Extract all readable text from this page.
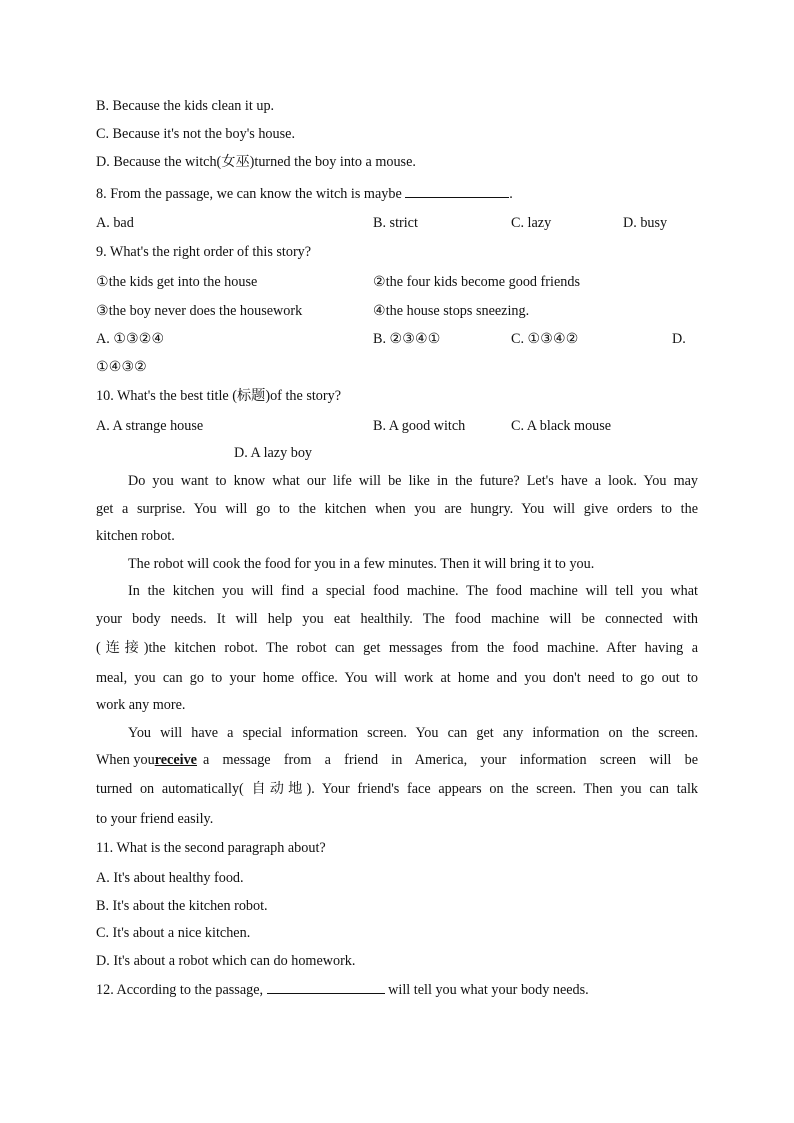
B. Because the kids clean it up.
C. Because it's not the boy's house.
D. Because the witch(女巫)turned the boy into a mouse.
8. From the passage, we can know the witch is maybe	.
A. bad	B. strict	C. lazy	D. busy
9. What's the right order of this story?
①the kids get into the house	②the four kids become good friends
③the boy never does the housework	④the house stops sneezing.
A. ①③②④	B. ②③④①	C. ①③④②	D.
①④③②
10. What's the best title (标题)of the story?
A. A strange house	B. A good witch	C. A black mouse
D. A lazy boy
Do you want to know what our life will be like in the future? Let's have a look. You may
get a surprise. You will go to the kitchen when you are hungry. You will give orders to the
kitchen robot.
The robot will cook the food for you in a few minutes. Then it will bring it to you.
In the kitchen you will find a special food machine. The food machine will tell you what
your body needs. It will help you eat healthily. The food machine will be connected with
(连接)the kitchen robot. The robot can get messages from the food machine. After having a
meal, you can go to your home office. You will work at home and you don't need to go out to
work any more.
You will have a special information screen. You can get any information on the screen.
When you receive a message from a friend in America, your information screen will be
turned on automatically( 自动地). Your friend's face appears on the screen. Then you can talk
to your friend easily.
11. What is the second paragraph about?
A. It's about healthy food.
B. It's about the kitchen robot.
C. It's about a nice kitchen.
D. It's about a robot which can do homework.
12. According to the passage,	will tell you what your body needs.
